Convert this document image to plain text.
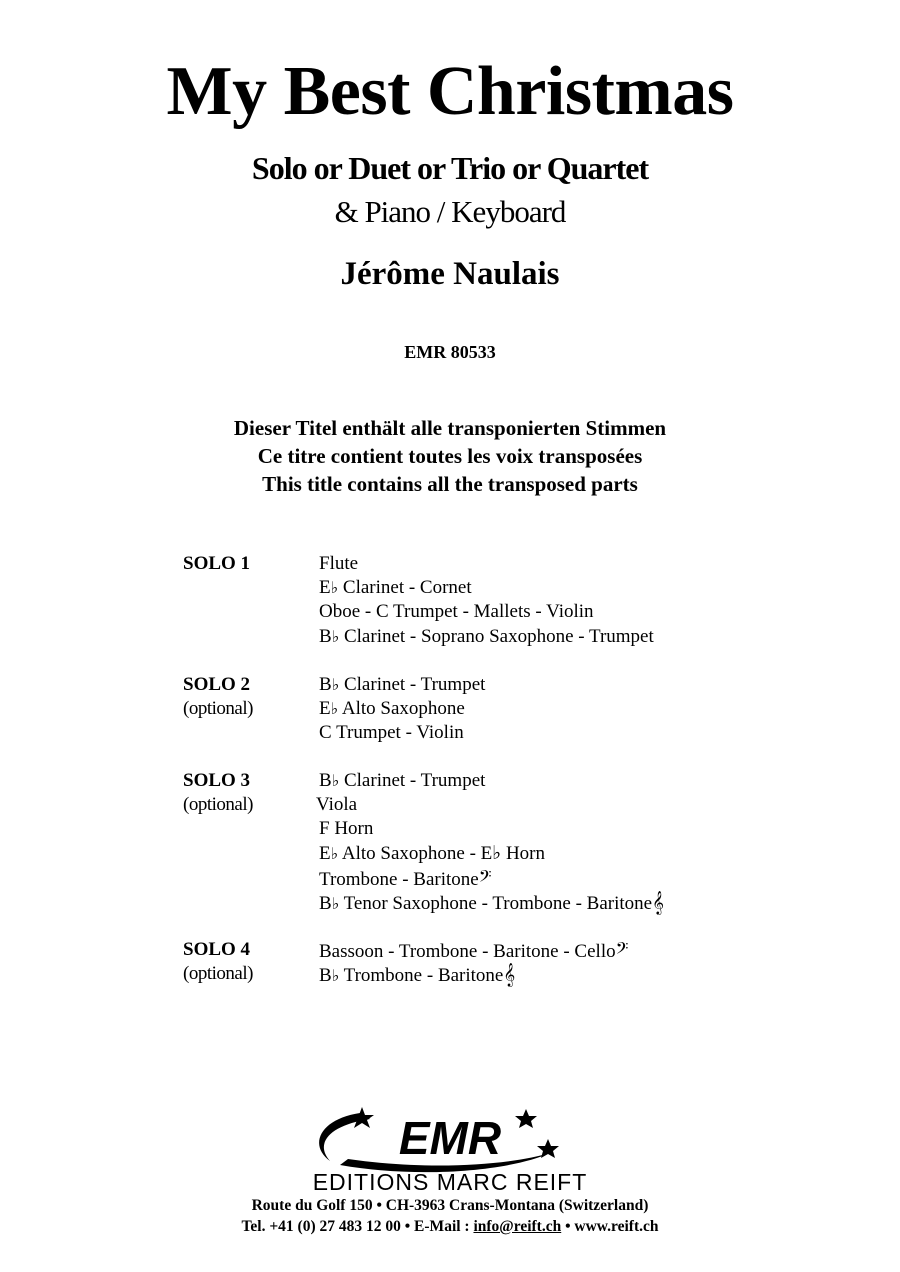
My Best Christmas
Solo or Duet or Trio or Quartet
& Piano / Keyboard
Jérôme Naulais
EMR 80533
Dieser Titel enthält alle transponierten Stimmen
Ce titre contient toutes les voix transposées
This title contains all the transposed parts
SOLO 1	Flute
E♭ Clarinet - Cornet
Oboe - C Trumpet - Mallets - Violin
B♭ Clarinet - Soprano Saxophone - Trumpet
SOLO 2
(optional)
B♭ Clarinet - Trumpet
E♭ Alto Saxophone
C Trumpet - Violin
SOLO 3
(optional)
B♭ Clarinet - Trumpet
Viola
F Horn
E♭ Alto Saxophone - E♭ Horn
Trombone - Baritone𝄢
B♭ Tenor Saxophone - Trombone - Baritone𝄞
SOLO 4
(optional)
Bassoon - Trombone - Baritone - Cello𝄢
B♭ Trombone - Baritone𝄞
EMR
EDITIONS MARC REIFT
Route du Golf 150 • CH-3963 Crans-Montana (Switzerland)
Tel. +41 (0) 27 483 12 00 • E-Mail : info@reift.ch • www.reift.ch
